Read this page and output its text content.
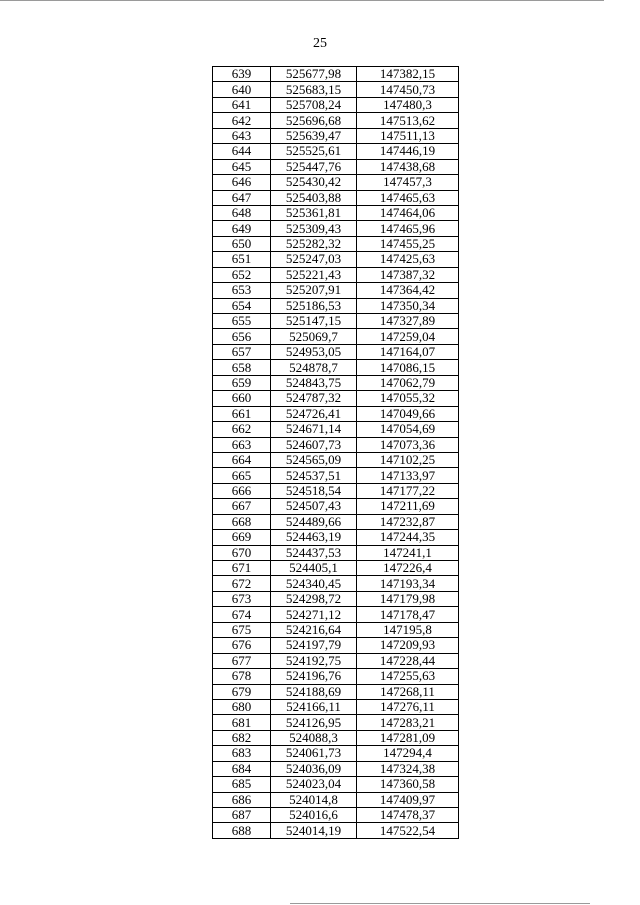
25
639	525677,98	147382,15
640	525683,15	147450,73
641	525708,24	147480,3
642	525696,68	147513,62
643	525639,47	147511,13
644	525525,61	147446,19
645	525447,76	147438,68
646	525430,42	147457,3
647	525403,88	147465,63
648	525361,81	147464,06
649	525309,43	147465,96
650	525282,32	147455,25
651	525247,03	147425,63
652	525221,43	147387,32
653	525207,91	147364,42
654	525186,53	147350,34
655	525147,15	147327,89
656	525069,7	147259,04
657	524953,05	147164,07
658	524878,7	147086,15
659	524843,75	147062,79
660	524787,32	147055,32
661	524726,41	147049,66
662	524671,14	147054,69
663	524607,73	147073,36
664	524565,09	147102,25
665	524537,51	147133,97
666	524518,54	147177,22
667	524507,43	147211,69
668	524489,66	147232,87
669	524463,19	147244,35
670	524437,53	147241,1
671	524405,1	147226,4
672	524340,45	147193,34
673	524298,72	147179,98
674	524271,12	147178,47
675	524216,64	147195,8
676	524197,79	147209,93
677	524192,75	147228,44
678	524196,76	147255,63
679	524188,69	147268,11
680	524166,11	147276,11
681	524126,95	147283,21
682	524088,3	147281,09
683	524061,73	147294,4
684	524036,09	147324,38
685	524023,04	147360,58
686	524014,8	147409,97
687	524016,6	147478,37
688	524014,19	147522,54
